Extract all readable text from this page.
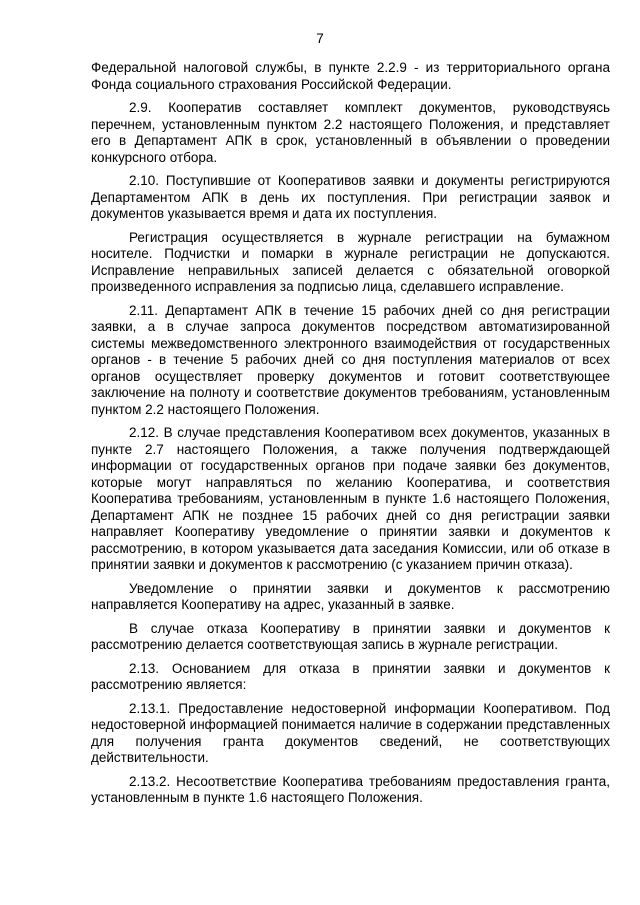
7

Федеральной налоговой службы, в пункте 2.2.9 - из территориального органа Фонда социального страхования Российской Федерации.

2.9. Кооператив составляет комплект документов, руководствуясь перечнем, установленным пунктом 2.2 настоящего Положения, и представляет его в Департамент АПК в срок, установленный в объявлении о проведении конкурсного отбора.

2.10. Поступившие от Кооперативов заявки и документы регистрируются Департаментом АПК в день их поступления. При регистрации заявок и документов указывается время и дата их поступления.

Регистрация осуществляется в журнале регистрации на бумажном носителе. Подчистки и помарки в журнале регистрации не допускаются. Исправление неправильных записей делается с обязательной оговоркой произведенного исправления за подписью лица, сделавшего исправление.

2.11. Департамент АПК в течение 15 рабочих дней со дня регистрации заявки, а в случае запроса документов посредством автоматизированной системы межведомственного электронного взаимодействия от государственных органов - в течение 5 рабочих дней со дня поступления материалов от всех органов осуществляет проверку документов и готовит соответствующее заключение на полноту и соответствие документов требованиям, установленным пунктом 2.2 настоящего Положения.

2.12. В случае представления Кооперативом всех документов, указанных в пункте 2.7 настоящего Положения, а также получения подтверждающей информации от государственных органов при подаче заявки без документов, которые могут направляться по желанию Кооператива, и соответствия Кооператива требованиям, установленным в пункте 1.6 настоящего Положения, Департамент АПК не позднее 15 рабочих дней со дня регистрации заявки направляет Кооперативу уведомление о принятии заявки и документов к рассмотрению, в котором указывается дата заседания Комиссии, или об отказе в принятии заявки и документов к рассмотрению (с указанием причин отказа).

Уведомление о принятии заявки и документов к рассмотрению направляется Кооперативу на адрес, указанный в заявке.

В случае отказа Кооперативу в принятии заявки и документов к рассмотрению делается соответствующая запись в журнале регистрации.

2.13. Основанием для отказа в принятии заявки и документов к рассмотрению является:

2.13.1. Предоставление недостоверной информации Кооперативом. Под недостоверной информацией понимается наличие в содержании представленных для получения гранта документов сведений, не соответствующих действительности.

2.13.2. Несоответствие Кооператива требованиям предоставления гранта, установленным в пункте 1.6 настоящего Положения.
